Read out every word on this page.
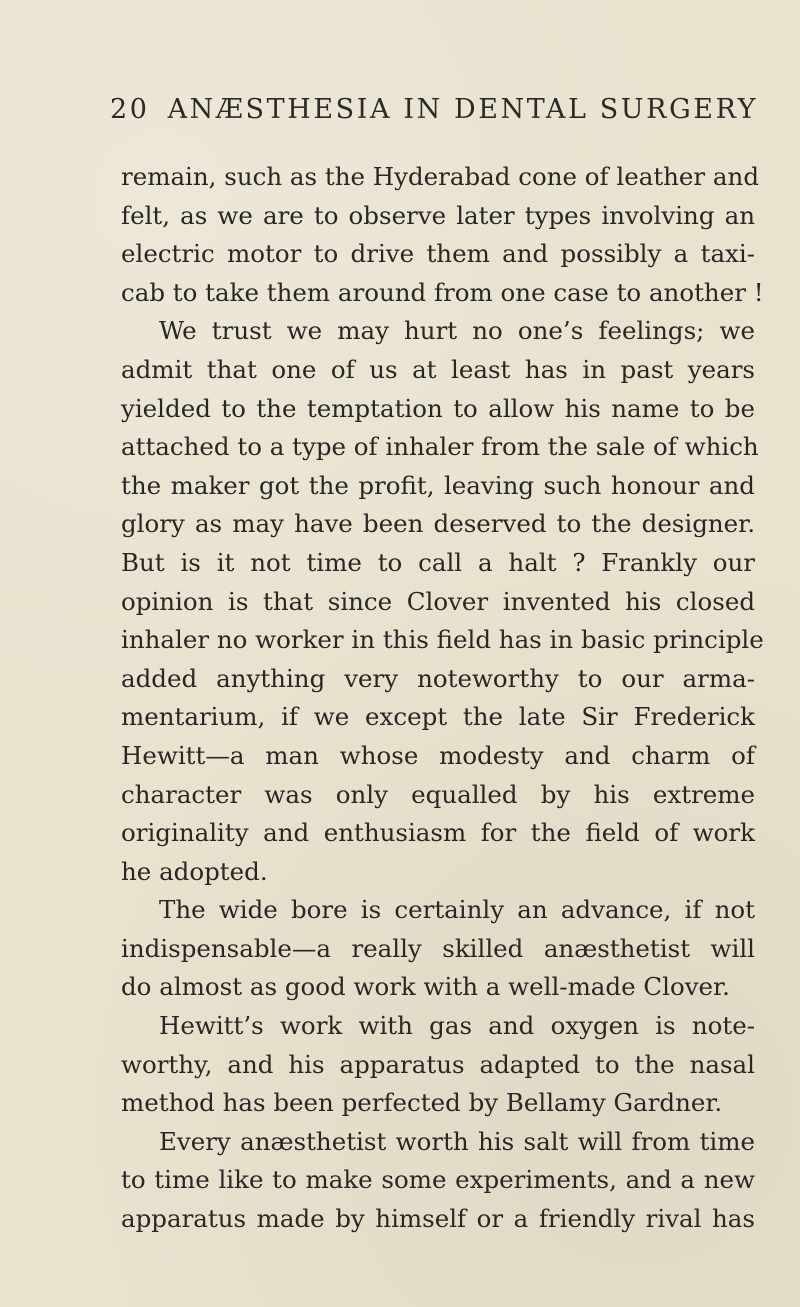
20 ANÆSTHESIA IN DENTAL SURGERY
remain, such as the Hyderabad cone of leather and
felt, as we are to observe later types involving an
electric motor to drive them and possibly a taxi-
cab to take them around from one case to another !
We trust we may hurt no one’s feelings; we
admit that one of us at least has in past years
yielded to the temptation to allow his name to be
attached to a type of inhaler from the sale of which
the maker got the profit, leaving such honour and
glory as may have been deserved to the designer.
But is it not time to call a halt ? Frankly our
opinion is that since Clover invented his closed
inhaler no worker in this field has in basic principle
added anything very noteworthy to our arma-
mentarium, if we except the late Sir Frederick
Hewitt—a man whose modesty and charm of
character was only equalled by his extreme
originality and enthusiasm for the field of work
he adopted.
The wide bore is certainly an advance, if not
indispensable—a really skilled anæsthetist will
do almost as good work with a well-made Clover.
Hewitt’s work with gas and oxygen is note-
worthy, and his apparatus adapted to the nasal
method has been perfected by Bellamy Gardner.
Every anæsthetist worth his salt will from time
to time like to make some experiments, and a new
apparatus made by himself or a friendly rival has
